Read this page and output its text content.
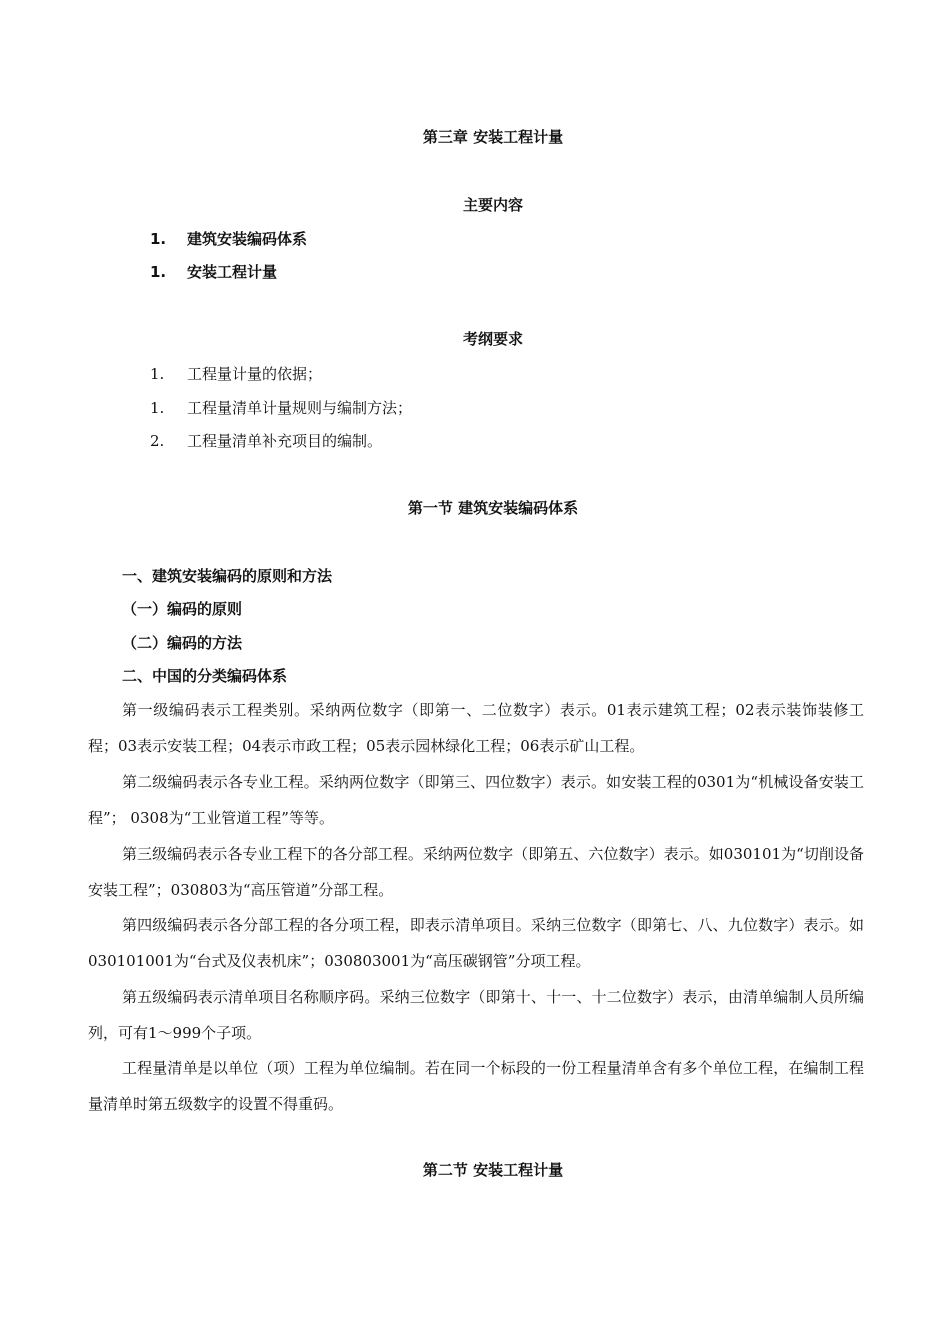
第三章 安装工程计量
主要内容
1. 建筑安装编码体系
1. 安装工程计量
考纲要求
1. 工程量计量的依据；
1. 工程量清单计量规则与编制方法；
2. 工程量清单补充项目的编制。
第一节 建筑安装编码体系
一、建筑安装编码的原则和方法
（一）编码的原则
（二）编码的方法
二、中国的分类编码体系
第一级编码表示工程类别。采纳两位数字（即第一、二位数字）表示。01表示建筑工程；02表示装饰装修工程；03表示安装工程；04表示市政工程；05表示园林绿化工程；06表示矿山工程。
第二级编码表示各专业工程。采纳两位数字（即第三、四位数字）表示。如安装工程的0301为“机械设备安装工程”； 0308为“工业管道工程”等等。
第三级编码表示各专业工程下的各分部工程。采纳两位数字（即第五、六位数字）表示。如030101为“切削设备安装工程”；030803为“高压管道”分部工程。
第四级编码表示各分部工程的各分项工程，即表示清单项目。采纳三位数字（即第七、八、九位数字）表示。如030101001为“台式及仪表机床”；030803001为“高压碳钢管”分项工程。
第五级编码表示清单项目名称顺序码。采纳三位数字（即第十、十一、十二位数字）表示，由清单编制人员所编列，可有1～999个子项。
工程量清单是以单位（项）工程为单位编制。若在同一个标段的一份工程量清单含有多个单位工程，在编制工程量清单时第五级数字的设置不得重码。
第二节 安装工程计量
